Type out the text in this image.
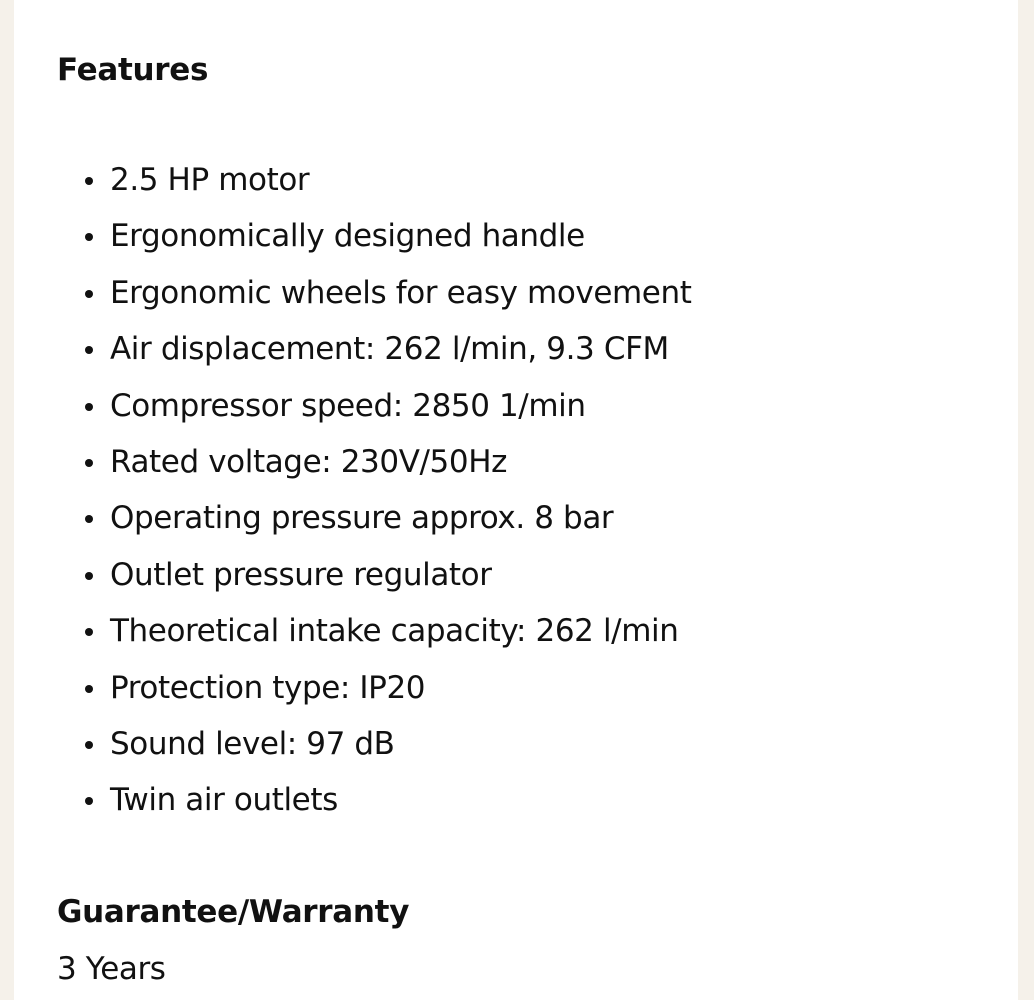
Features
2.5 HP motor
Ergonomically designed handle
Ergonomic wheels for easy movement
Air displacement: 262 l/min, 9.3 CFM
Compressor speed: 2850 1/min
Rated voltage: 230V/50Hz
Operating pressure approx. 8 bar
Outlet pressure regulator
Theoretical intake capacity: 262 l/min
Protection type: IP20
Sound level: 97 dB
Twin air outlets
Guarantee/Warranty

3 Years
